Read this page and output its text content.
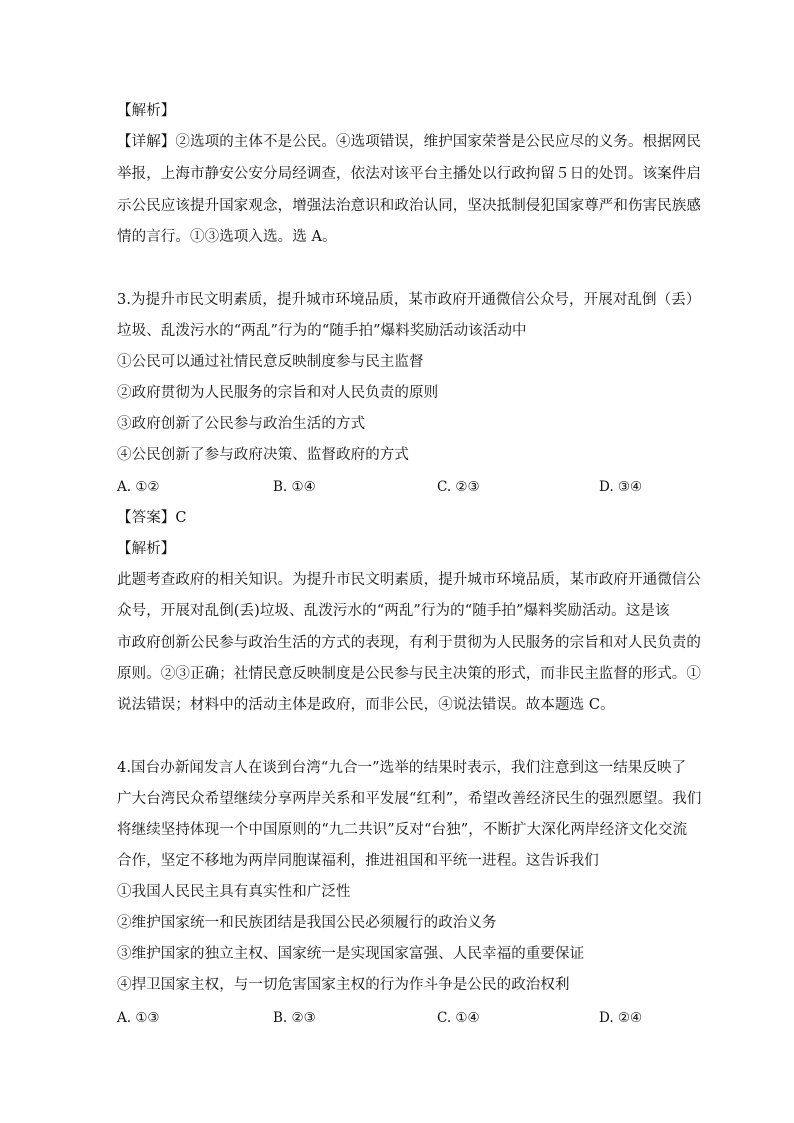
【解析】
【详解】②选项的主体不是公民。④选项错误，维护国家荣誉是公民应尽的义务。根据网民
举报，上海市静安公安分局经调查，依法对该平台主播处以行政拘留５日的处罚。该案件启
示公民应该提升国家观念，增强法治意识和政治认同，坚决抵制侵犯国家尊严和伤害民族感
情的言行。①③选项入选。选 A。
3.为提升市民文明素质，提升城市环境品质，某市政府开通微信公众号，开展对乱倒（丢）
垃圾、乱泼污水的“两乱”行为的“随手拍”爆料奖励活动该活动中
①公民可以通过社情民意反映制度参与民主监督
②政府贯彻为人民服务的宗旨和对人民负责的原则
③政府创新了公民参与政治生活的方式
④公民创新了参与政府决策、监督政府的方式
A. ①②	B. ①④	C. ②③	D. ③④
【答案】C
【解析】
此题考查政府的相关知识。为提升市民文明素质，提升城市环境品质，某市政府开通微信公
众号，开展对乱倒(丢)垃圾、乱泼污水的“两乱”行为的“随手拍”爆料奖励活动。这是该
市政府创新公民参与政治生活的方式的表现，有利于贯彻为人民服务的宗旨和对人民负责的
原则。②③正确；社情民意反映制度是公民参与民主决策的形式，而非民主监督的形式。①
说法错误；材料中的活动主体是政府，而非公民，④说法错误。故本题选 C。
4.国台办新闻发言人在谈到台湾“九合一”选举的结果时表示，我们注意到这一结果反映了
广大台湾民众希望继续分享两岸关系和平发展“红利”，希望改善经济民生的强烈愿望。我们
将继续坚持体现一个中国原则的“九二共识”反对“台独”，不断扩大深化两岸经济文化交流
合作，坚定不移地为两岸同胞谋福利，推进祖国和平统一进程。这告诉我们
①我国人民民主具有真实性和广泛性
②维护国家统一和民族团结是我国公民必须履行的政治义务
③维护国家的独立主权、国家统一是实现国家富强、人民幸福的重要保证
④捍卫国家主权，与一切危害国家主权的行为作斗争是公民的政治权利
A. ①③	B. ②③	C. ①④	D. ②④
